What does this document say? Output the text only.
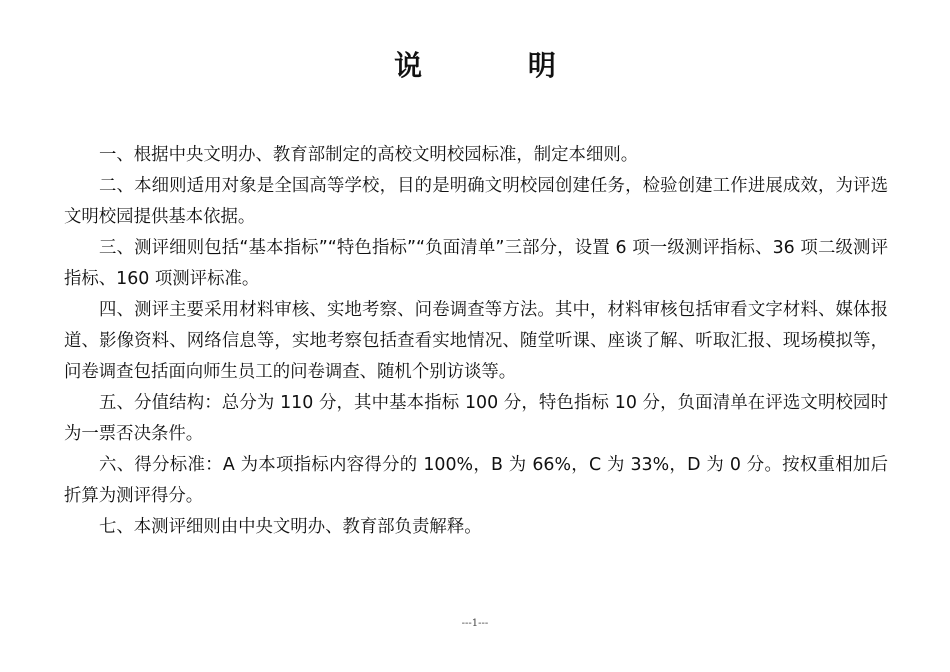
说 明

一、根据中央文明办、教育部制定的高校文明校园标准，制定本细则。

二、本细则适用对象是全国高等学校，目的是明确文明校园创建任务，检验创建工作进展成效，为评选文明校园提供基本依据。

三、测评细则包括“基本指标”“特色指标”“负面清单”三部分，设置 6 项一级测评指标、36 项二级测评指标、160 项测评标准。

四、测评主要采用材料审核、实地考察、问卷调查等方法。其中，材料审核包括审看文字材料、媒体报道、影像资料、网络信息等，实地考察包括查看实地情况、随堂听课、座谈了解、听取汇报、现场模拟等，问卷调查包括面向师生员工的问卷调查、随机个别访谈等。

五、分值结构：总分为 110 分，其中基本指标 100 分，特色指标 10 分，负面清单在评选文明校园时为一票否决条件。

六、得分标准：A 为本项指标内容得分的 100%，B 为 66%，C 为 33%，D 为 0 分。按权重相加后折算为测评得分。

七、本测评细则由中央文明办、教育部负责解释。

---1---
